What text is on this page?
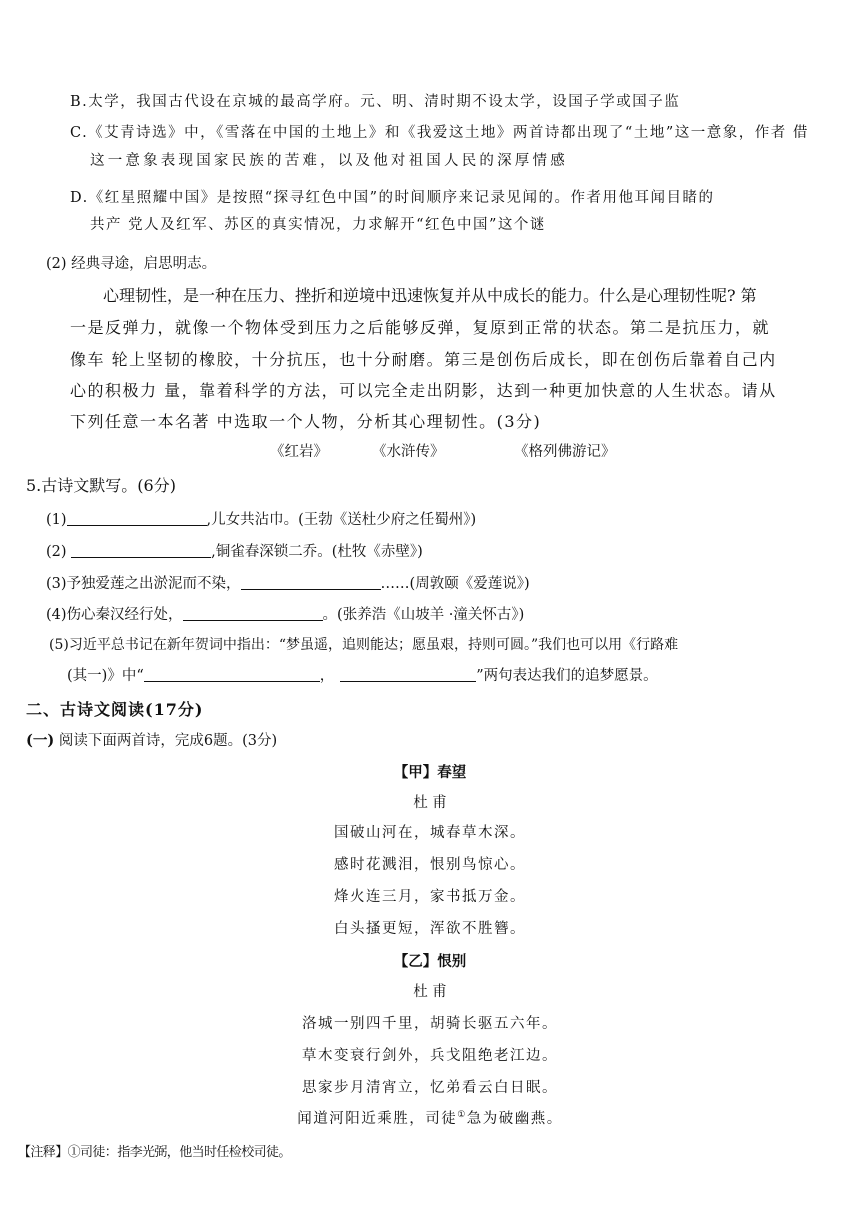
B.太学，我国古代设在京城的最高学府。元、明、清时期不设太学，设国子学或国子监
C.《艾青诗选》中，《雪落在中国的土地上》和《我爱这土地》两首诗都出现了“土地”这一意象，作者 借
这一意象表现国家民族的苦难，以及他对祖国人民的深厚情感
D.《红星照耀中国》是按照“探寻红色中国”的时间顺序来记录见闻的。作者用他耳闻目睹的
共产 党人及红军、苏区的真实情况，力求解开“红色中国”这个谜
(2) 经典寻途，启思明志。
心理韧性，是一种在压力、挫折和逆境中迅速恢复并从中成长的能力。什么是心理韧性呢? 第
一是反弹力，就像一个物体受到压力之后能够反弹，复原到正常的状态。第二是抗压力，就
像车 轮上坚韧的橡胶，十分抗压，也十分耐磨。第三是创伤后成长，即在创伤后靠着自己内
心的积极力 量，靠着科学的方法，可以完全走出阴影，达到一种更加快意的人生状态。请从
下列任意一本名著 中选取一个人物，分析其心理韧性。(3分)
《红岩》	《水浒传》	《格列佛游记》
5.古诗文默写。(6分)
(1)	,儿女共沾巾。(王勃《送杜少府之任蜀州》)
(2)	,铜雀春深锁二乔。(杜牧《赤壁》)
(3)予独爱莲之出淤泥而不染，	……(周敦颐《爱莲说》)
(4)伤心秦汉经行处，	。(张养浩《山坡羊 ·潼关怀古》)
(5)习近平总书记在新年贺词中指出：“梦虽遥，追则能达；愿虽艰，持则可圆。”我们也可以用《行路难
(其一)》中“	，	”两句表达我们的追梦愿景。
二、古诗文阅读(17分)
(一) 阅读下面两首诗，完成6题。(3分)
【甲】春望
杜 甫
国破山河在，城春草木深。
感时花溅泪，恨别鸟惊心。
烽火连三月，家书抵万金。
白头搔更短，浑欲不胜簪。
【乙】恨别
杜 甫
洛城一别四千里，胡骑长驱五六年。
草木变衰行剑外，兵戈阻绝老江边。
思家步月清宵立，忆弟看云白日眠。
闻道河阳近乘胜，司徒①急为破幽燕。
【注释】①司徒：指李光弼，他当时任检校司徒。
